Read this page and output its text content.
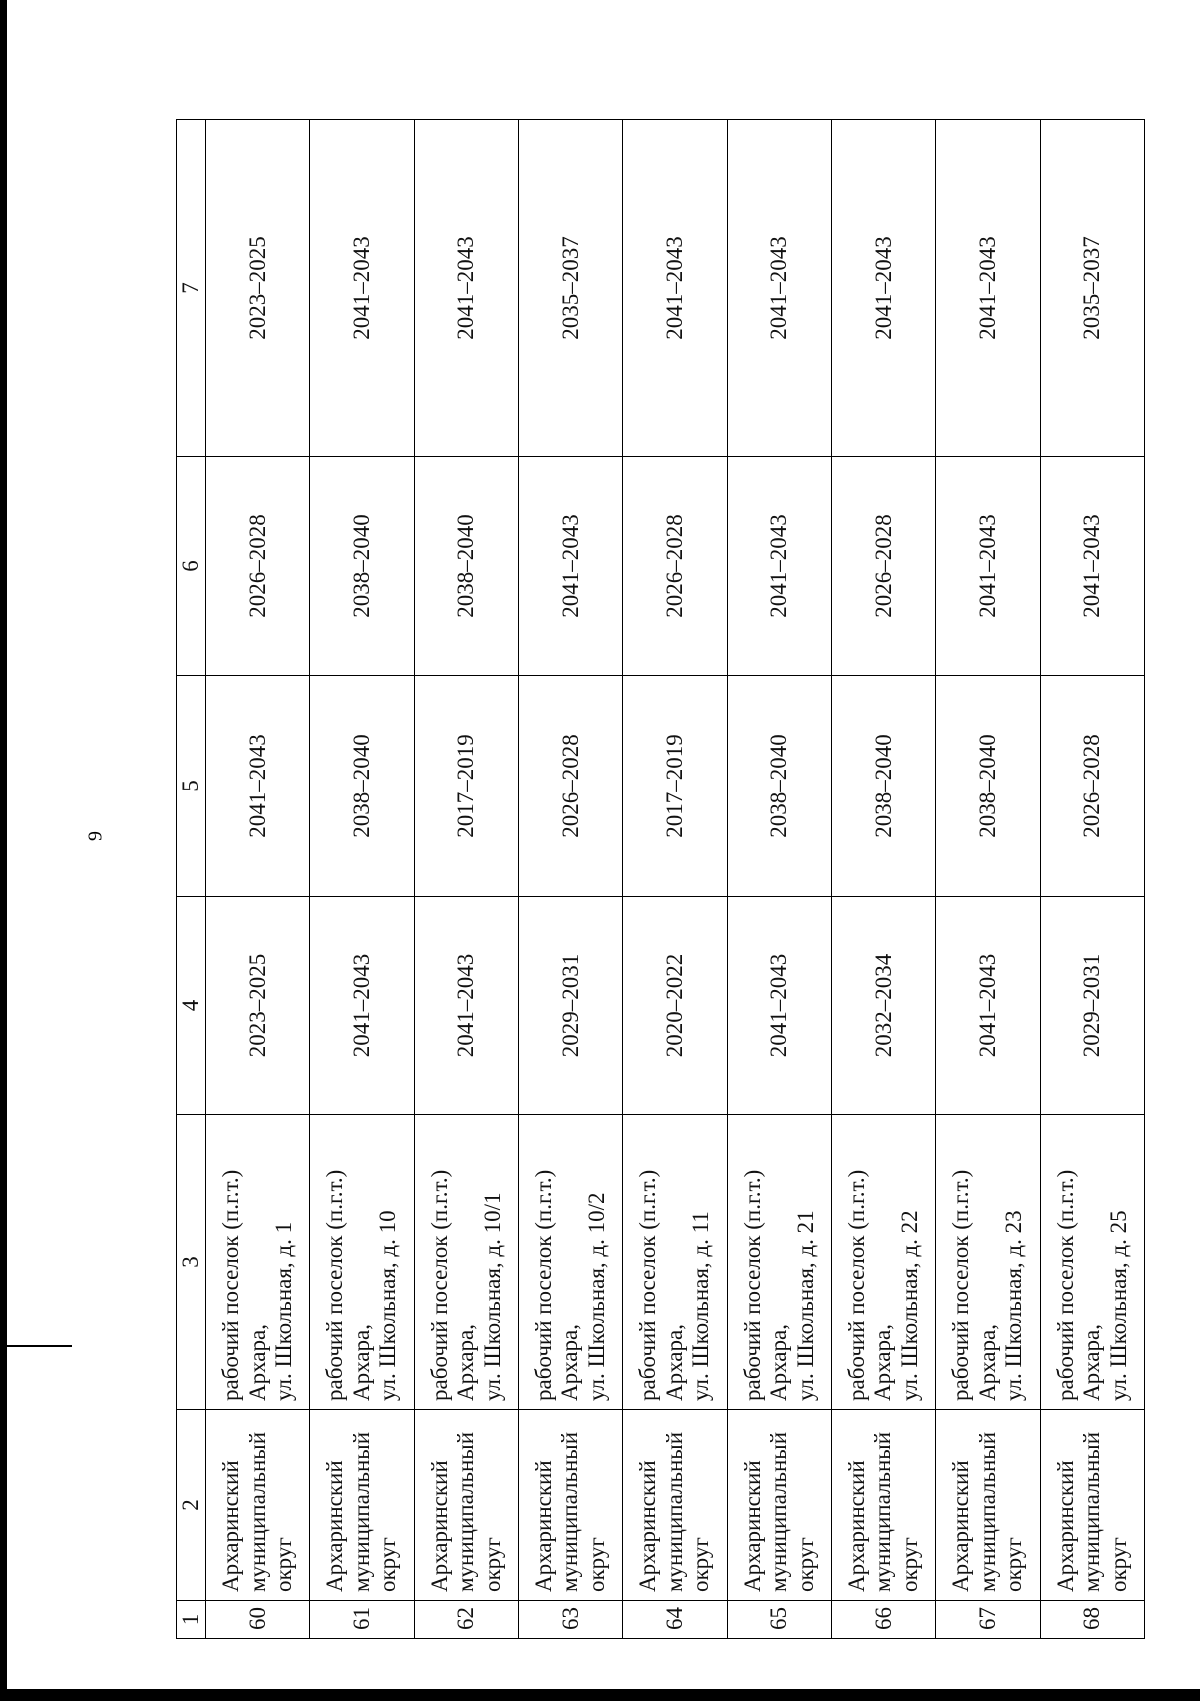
9
1	2	3	4	5	6	7
60	Архаринский муниципальный округ	рабочий поселок (п.г.т.) Архара, ул. Школьная, д. 1	2023–2025	2041–2043	2026–2028	2023–2025
61	Архаринский муниципальный округ	рабочий поселок (п.г.т.) Архара, ул. Школьная, д. 10	2041–2043	2038–2040	2038–2040	2041–2043
62	Архаринский муниципальный округ	рабочий поселок (п.г.т.) Архара, ул. Школьная, д. 10/1	2041–2043	2017–2019	2038–2040	2041–2043
63	Архаринский муниципальный округ	рабочий поселок (п.г.т.) Архара, ул. Школьная, д. 10/2	2029–2031	2026–2028	2041–2043	2035–2037
64	Архаринский муниципальный округ	рабочий поселок (п.г.т.) Архара, ул. Школьная, д. 11	2020–2022	2017–2019	2026–2028	2041–2043
65	Архаринский муниципальный округ	рабочий поселок (п.г.т.) Архара, ул. Школьная, д. 21	2041–2043	2038–2040	2041–2043	2041–2043
66	Архаринский муниципальный округ	рабочий поселок (п.г.т.) Архара, ул. Школьная, д. 22	2032–2034	2038–2040	2026–2028	2041–2043
67	Архаринский муниципальный округ	рабочий поселок (п.г.т.) Архара, ул. Школьная, д. 23	2041–2043	2038–2040	2041–2043	2041–2043
68	Архаринский муниципальный округ	рабочий поселок (п.г.т.) Архара, ул. Школьная, д. 25	2029–2031	2026–2028	2041–2043	2035–2037
